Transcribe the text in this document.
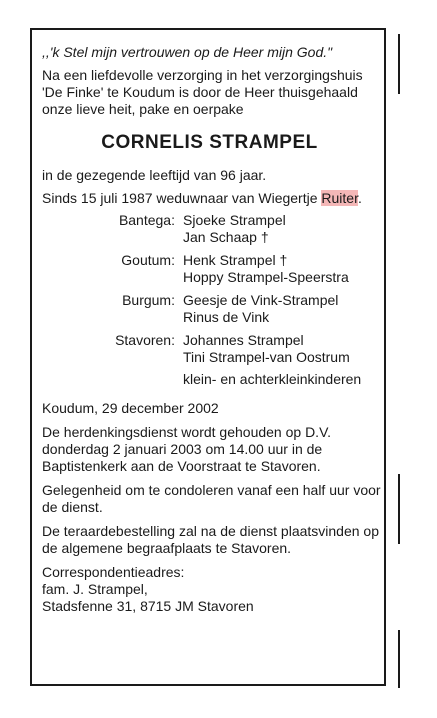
,,'k Stel mijn vertrouwen op de Heer mijn God."

Na een liefdevolle verzorging in het verzorgingshuis 'De Finke' te Koudum is door de Heer thuisgehaald onze lieve heit, pake en oerpake

CORNELIS STRAMPEL

in de gezegende leeftijd van 96 jaar.

Sinds 15 juli 1987 weduwnaar van Wiegertje Ruiter.

Bantega: Sjoeke Strampel
Jan Schaap †
Goutum: Henk Strampel †
Hoppy Strampel-Speerstra
Burgum: Geesje de Vink-Strampel
Rinus de Vink
Stavoren: Johannes Strampel
Tini Strampel-van Oostrum

klein- en achterkleinkinderen

Koudum, 29 december 2002

De herdenkingsdienst wordt gehouden op D.V. donderdag 2 januari 2003 om 14.00 uur in de Baptistenkerk aan de Voorstraat te Stavoren.

Gelegenheid om te condoleren vanaf een half uur voor de dienst.

De teraardebestelling zal na de dienst plaatsvinden op de algemene begraafplaats te Stavoren.

Correspondentieadres:

fam. J. Strampel,

Stadsfenne 31, 8715 JM Stavoren
